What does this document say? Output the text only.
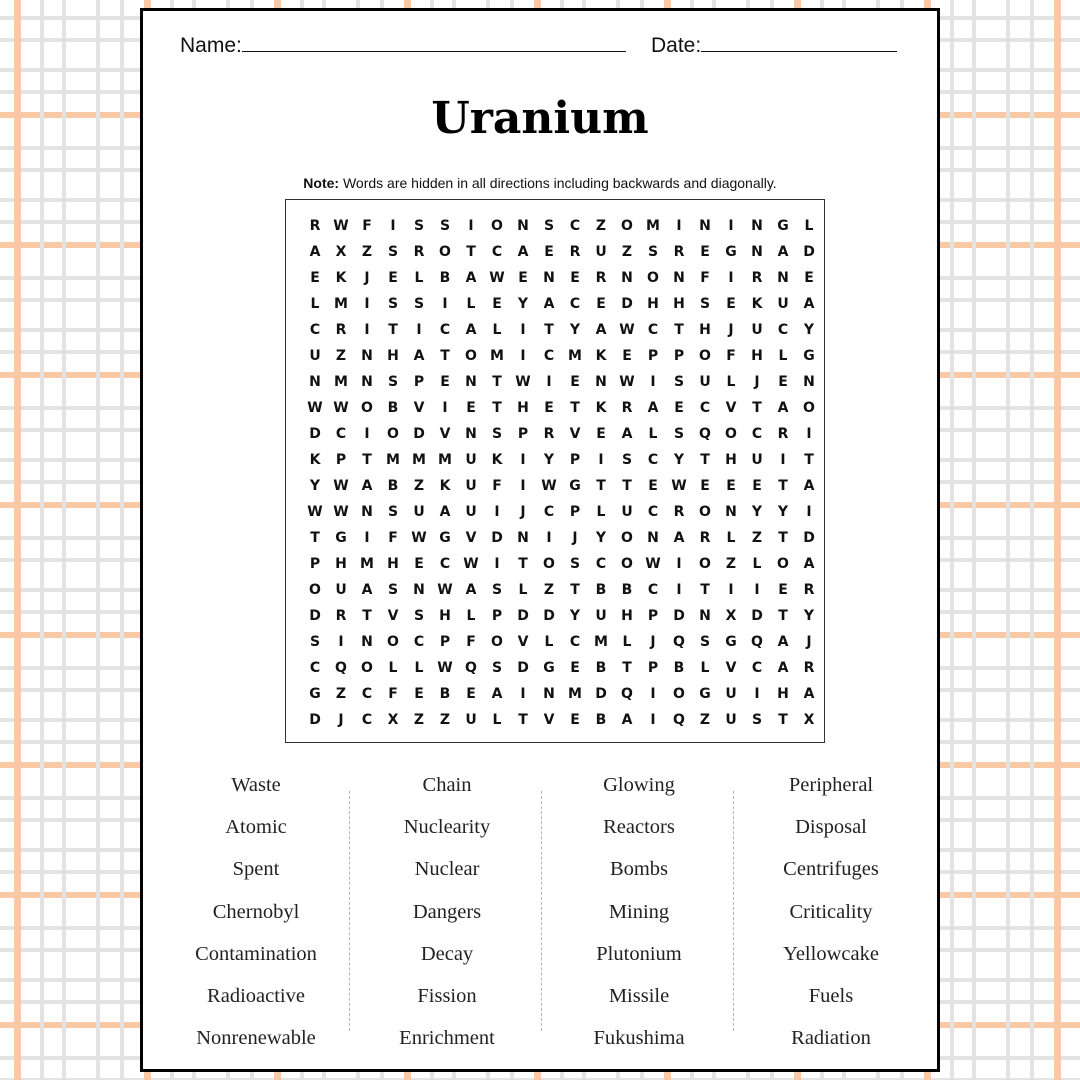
Name:	Date:
Uranium
Note: Words are hidden in all directions including backwards and diagonally.
R W F	I	S	S	I	O	N	S	C	Z	O M	I	N	I	N	G	L
A	X	Z	S	R	O	T	C	A	E	R	U	Z	S	R	E	G	N	A	D
E	K	J	E	L	B	A W E	N	E	R	N	O	N	F	I	R	N	E
L	M	I	S	S	I	L	E	Y	A	C	E	D	H	H	S	E	K	U	A
C	R	I	T	I	C	A	L	I	T	Y	A W C	T	H	J	U	C	Y
U	Z	N	H	A	T	O M	I	C M K	E	P	P	O	F	H	L	G
N M N	S	P	E	N	T W	I	E	N W	I	S	U	L	J	E	N
W W O	B	V	I	E	T	H	E	T	K	R	A	E	C	V	T	A	O
D	C	I	O	D	V	N	S	P	R	V	E	A	L	S	Q	O	C	R	I
K	P	T	M M M U	K	I	Y	P	I	S	C	Y	T	H	U	I	T
Y W A	B	Z	K	U	F	I	W G	T	T	E W E	E	E	T	A
W W N	S	U	A	U	I	J	C	P	L	U	C	R	O	N	Y	Y	I
T	G	I	F W G	V	D	N	I	J	Y	O	N	A	R	L	Z	T	D
P	H M H	E	C W	I	T	O	S	C	O W	I	O	Z	L	O	A
O	U	A	S	N W A	S	L	Z	T	B	B	C	I	T	I	I	E	R
D	R	T	V	S	H	L	P	D	D	Y	U	H	P	D	N	X	D	T	Y
S	I	N	O	C	P	F	O	V	L	C M	L	J	Q	S	G	Q	A	J
C	Q	O	L	L W Q	S	D	G	E	B	T	P	B	L	V	C	A	R
G	Z	C	F	E	B	E	A	I	N M D	Q	I	O	G	U	I	H	A
D	J	C	X	Z	Z	U	L	T	V	E	B	A	I	Q	Z	U	S	T	X
Waste
Atomic
Spent
Chernobyl
Contamination
Radioactive
Nonrenewable
Chain
Nuclearity
Nuclear
Dangers
Decay
Fission
Enrichment
Glowing
Reactors
Bombs
Mining
Plutonium
Missile
Fukushima
Peripheral
Disposal
Centrifuges
Criticality
Yellowcake
Fuels
Radiation
